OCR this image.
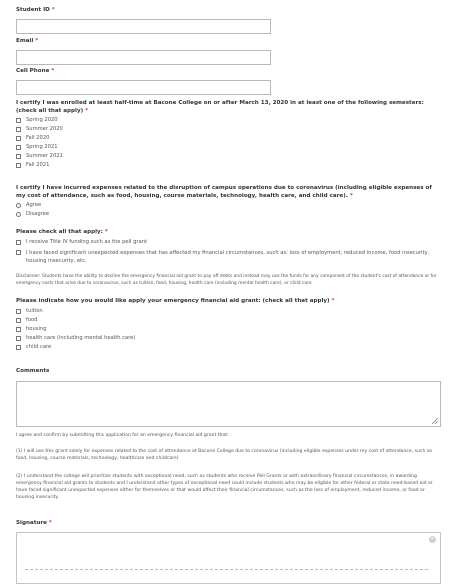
Student ID *
Email *
Cell Phone *
I certify I was enrolled at least half-time at Bacone College on or after March 13, 2020 in at least one of the following semesters: (check all that apply) *
Spring 2020
Summer 2020
Fall 2020
Spring 2021
Summer 2021
Fall 2021
I certify I have incurred expenses related to the disruption of campus operations due to coronavirus (including eligible expenses of my cost of attendance, such as food, housing, course materials, technology, health care, and child care). *
Agree
Disagree
Please check all that apply: *
I receive Title IV funding such as the pell grant
I have faced significant unexpected expenses that has affected my financial circumstances, such as: loss of employment, reduced income, food insecurity, housing insecurity, etc.
Disclaimer: Students have the ability to decline the emergency financial aid grant to pay off debts and instead may use the funds for any component of the student's cost of attendance or for emergency costs that arise due to coronavirus, such as tuition, food, housing, health care (including mental health care), or child care.
Please indicate how you would like apply your emergency financial aid grant: (check all that apply) *
tuition
food
housing
health care (including mental health care)
child care
Comments
I agree and confirm by submitting this application for an emergency financial aid grant that:
(1) I will use this grant solely for expenses related to the cost of attendance at Bacone College due to coronavirus (including eligible expenses under my cost of attendance, such as food, housing, course materials, technology, healthcare and childcare)
(2) I understand the college will prioritize students with exceptional need, such as students who receive Pell Grants or with extraordinary financial circumstances, in awarding emergency financial aid grants to students and I understand other types of exceptional need could include students who may be eligible for other federal or state need-based aid or have faced significant unexpected expenses either for themselves or that would affect their financial circumstances, such as the loss of employment, reduced income, or food or housing insecurity.
Signature *
✕
